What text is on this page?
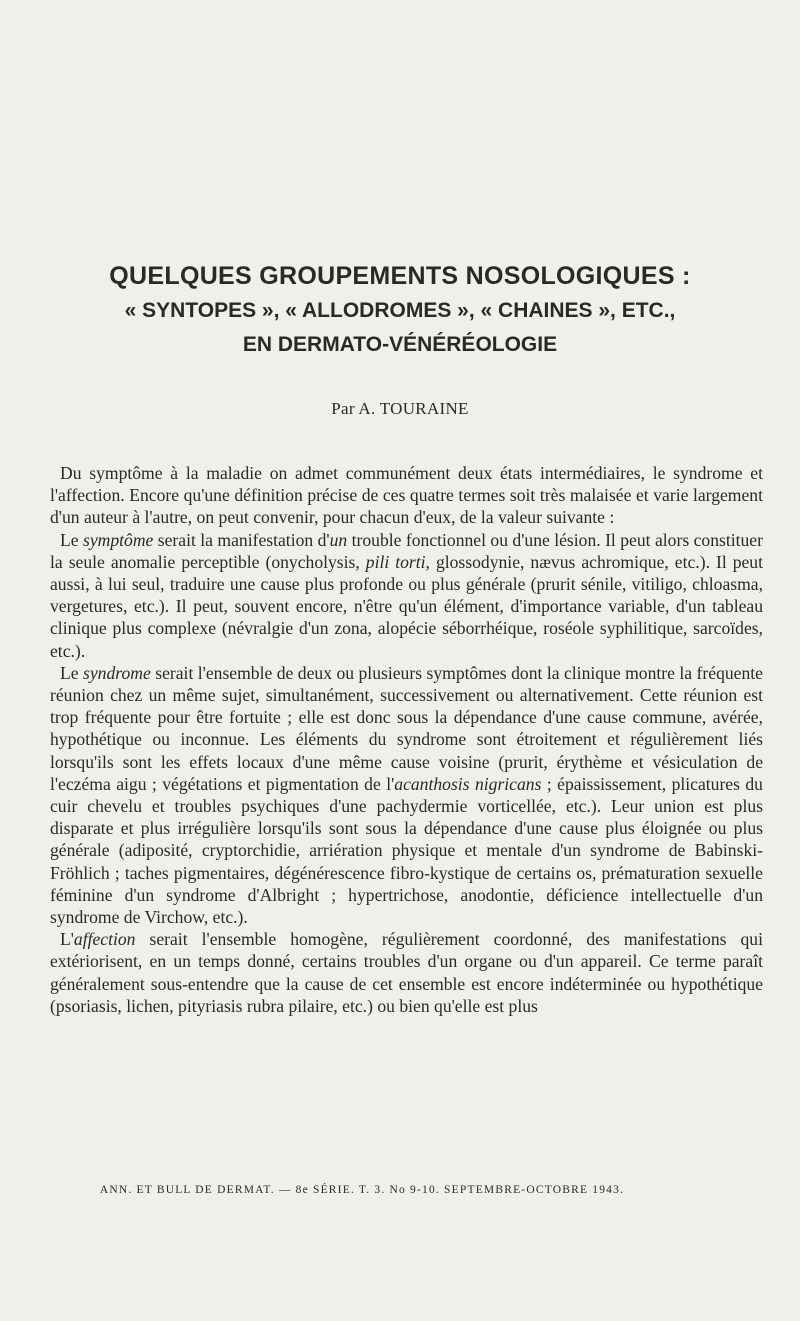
QUELQUES GROUPEMENTS NOSOLOGIQUES :

« SYNTOPES », « ALLODROMES », « CHAINES », ETC.,

EN DERMATO-VÉNÉRÉOLOGIE

Par A. TOURAINE

Du symptôme à la maladie on admet communément deux états intermédiaires, le syndrome et l'affection. Encore qu'une définition précise de ces quatre termes soit très malaisée et varie largement d'un auteur à l'autre, on peut convenir, pour chacun d'eux, de la valeur suivante :

Le symptôme serait la manifestation d'un trouble fonctionnel ou d'une lésion. Il peut alors constituer la seule anomalie perceptible (onycholysis, pili torti, glossodynie, nævus achromique, etc.). Il peut aussi, à lui seul, traduire une cause plus profonde ou plus générale (prurit sénile, vitiligo, chloasma, vergetures, etc.). Il peut, souvent encore, n'être qu'un élément, d'importance variable, d'un tableau clinique plus complexe (névralgie d'un zona, alopécie séborrhéique, roséole syphilitique, sarcoïdes, etc.).

Le syndrome serait l'ensemble de deux ou plusieurs symptômes dont la clinique montre la fréquente réunion chez un même sujet, simultanément, successivement ou alternativement. Cette réunion est trop fréquente pour être fortuite ; elle est donc sous la dépendance d'une cause commune, avérée, hypothétique ou inconnue. Les éléments du syndrome sont étroitement et régulièrement liés lorsqu'ils sont les effets locaux d'une même cause voisine (prurit, érythème et vésiculation de l'eczéma aigu ; végétations et pigmentation de l'acanthosis nigricans ; épaississement, plicatures du cuir chevelu et troubles psychiques d'une pachydermie vorticellée, etc.). Leur union est plus disparate et plus irrégulière lorsqu'ils sont sous la dépendance d'une cause plus éloignée ou plus générale (adiposité, cryptorchidie, arriération physique et mentale d'un syndrome de Babinski-Fröhlich ; taches pigmentaires, dégénérescence fibro-kystique de certains os, prématuration sexuelle féminine d'un syndrome d'Albright ; hypertrichose, anodontie, déficience intellectuelle d'un syndrome de Virchow, etc.).

L'affection serait l'ensemble homogène, régulièrement coordonné, des manifestations qui extériorisent, en un temps donné, certains troubles d'un organe ou d'un appareil. Ce terme paraît généralement sous-entendre que la cause de cet ensemble est encore indéterminée ou hypothétique (psoriasis, lichen, pityriasis rubra pilaire, etc.) ou bien qu'elle est plus

ANN. ET BULL DE DERMAT. — 8e SÉRIE. T. 3. No 9-10. SEPTEMBRE-OCTOBRE 1943.
